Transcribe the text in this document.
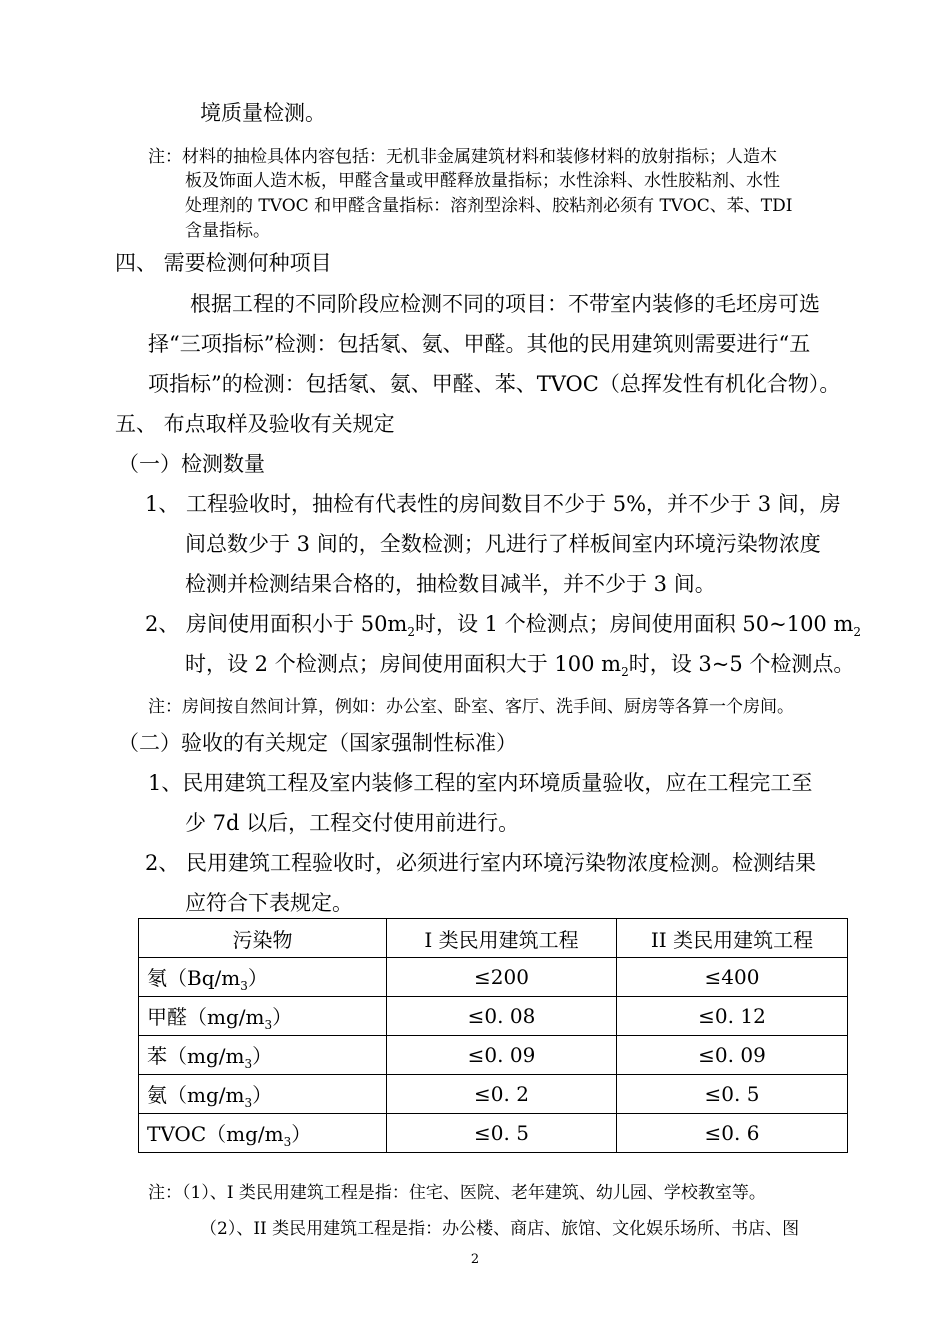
境质量检测。
注：材料的抽检具体内容包括：无机非金属建筑材料和装修材料的放射指标；人造木
板及饰面人造木板，甲醛含量或甲醛释放量指标；水性涂料、水性胶粘剂、水性
处理剂的 TVOC 和甲醛含量指标：溶剂型涂料、胶粘剂必须有 TVOC、苯、TDI
含量指标。
四、 需要检测何种项目
根据工程的不同阶段应检测不同的项目：不带室内装修的毛坯房可选
择“三项指标”检测：包括氡、氨、甲醛。其他的民用建筑则需要进行“五
项指标”的检测：包括氡、氨、甲醛、苯、TVOC（总挥发性有机化合物）。
五、 布点取样及验收有关规定
（一）检测数量
1、 工程验收时，抽检有代表性的房间数目不少于 5%，并不少于 3 间，房
间总数少于 3 间的，全数检测；凡进行了样板间室内环境污染物浓度
检测并检测结果合格的，抽检数目减半，并不少于 3 间。
2、 房间使用面积小于 $50m_2$时，设 1 个检测点；房间使用面积 50~100 $m_2$
时，设 2 个检测点；房间使用面积大于 100 $m_2$时，设 3~5 个检测点。
注：房间按自然间计算，例如：办公室、卧室、客厅、洗手间、厨房等各算一个房间。
（二）验收的有关规定（国家强制性标准）
1、民用建筑工程及室内装修工程的室内环境质量验收，应在工程完工至
少 7d 以后，工程交付使用前进行。
2、 民用建筑工程验收时，必须进行室内环境污染物浓度检测。检测结果
应符合下表规定。
污染物	I 类民用建筑工程	II 类民用建筑工程
氡$(Bq/m_3)$	≤200	≤400
甲醛$(mg/m_3)$	≤0. 08	≤0. 12
苯$(mg/m_3)$	≤0. 09	≤0. 09
氨$(mg/m_3)$	≤0. 2	≤0. 5
$TVOC(mg/m_3)$	≤0. 5	≤0. 6
注：（1）、I 类民用建筑工程是指：住宅、医院、老年建筑、幼儿园、学校教室等。
（2）、II 类民用建筑工程是指：办公楼、商店、旅馆、文化娱乐场所、书店、图
2
